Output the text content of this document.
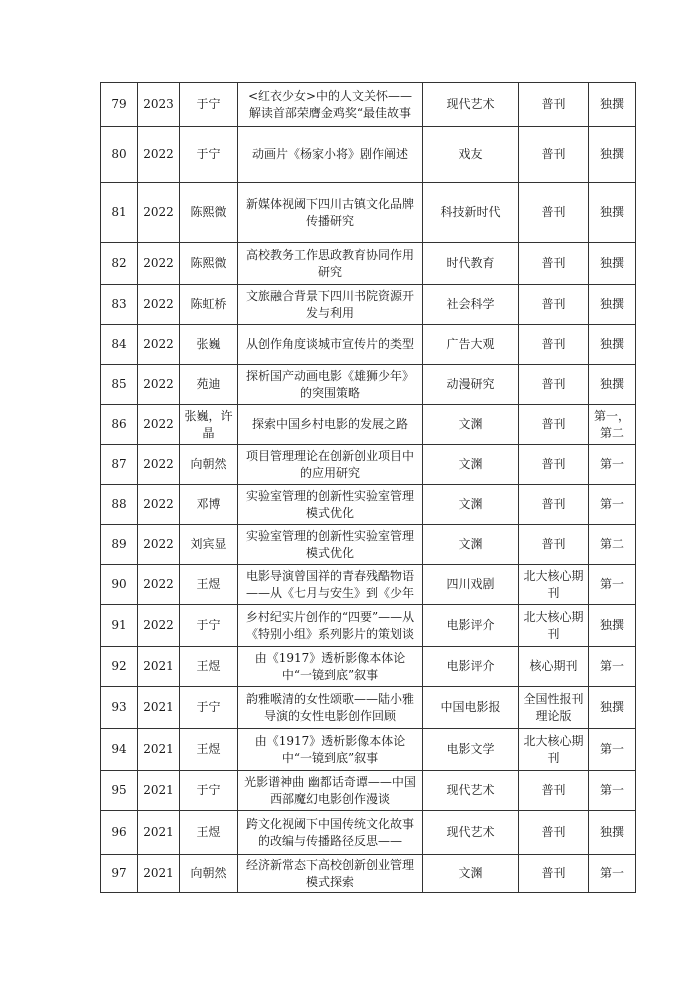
79	2023	于宁	<红衣少女>中的人文关怀——解读首部荣膺金鸡奖“最佳故事	现代艺术	普刊	独撰
80	2022	于宁	动画片《杨家小将》剧作阐述	戏友	普刊	独撰
81	2022	陈熙微	新媒体视阈下四川古镇文化品牌传播研究	科技新时代	普刊	独撰
82	2022	陈熙微	高校教务工作思政教育协同作用研究	时代教育	普刊	独撰
83	2022	陈虹桥	文旅融合背景下四川书院资源开发与利用	社会科学	普刊	独撰
84	2022	张巍	从创作角度谈城市宣传片的类型	广告大观	普刊	独撰
85	2022	苑迪	探析国产动画电影《雄狮少年》的突围策略	动漫研究	普刊	独撰
86	2022	张巍，许晶	探索中国乡村电影的发展之路	文渊	普刊	第一，第二
87	2022	向朝然	项目管理理论在创新创业项目中的应用研究	文渊	普刊	第一
88	2022	邓博	实验室管理的创新性实验室管理模式优化	文渊	普刊	第一
89	2022	刘宾显	实验室管理的创新性实验室管理模式优化	文渊	普刊	第二
90	2022	王煜	电影导演曾国祥的青春残酷物语——从《七月与安生》到《少年	四川戏剧	北大核心期刊	第一
91	2022	于宁	乡村纪实片创作的“四要”——从《特别小组》系列影片的策划谈	电影评介	北大核心期刊	独撰
92	2021	王煜	由《1917》透析影像本体论中“一镜到底”叙事	电影评介	核心期刊	第一
93	2021	于宁	韵雅喉清的女性颂歌——陆小雅导演的女性电影创作回顾	中国电影报	全国性报刊理论版	独撰
94	2021	王煜	由《1917》透析影像本体论中“一镜到底”叙事	电影文学	北大核心期刊	第一
95	2021	于宁	光影谱神曲 幽都话奇谭——中国西部魔幻电影创作漫谈	现代艺术	普刊	第一
96	2021	王煜	跨文化视阈下中国传统文化故事的改编与传播路径反思——	现代艺术	普刊	独撰
97	2021	向朝然	经济新常态下高校创新创业管理模式探索	文渊	普刊	第一
